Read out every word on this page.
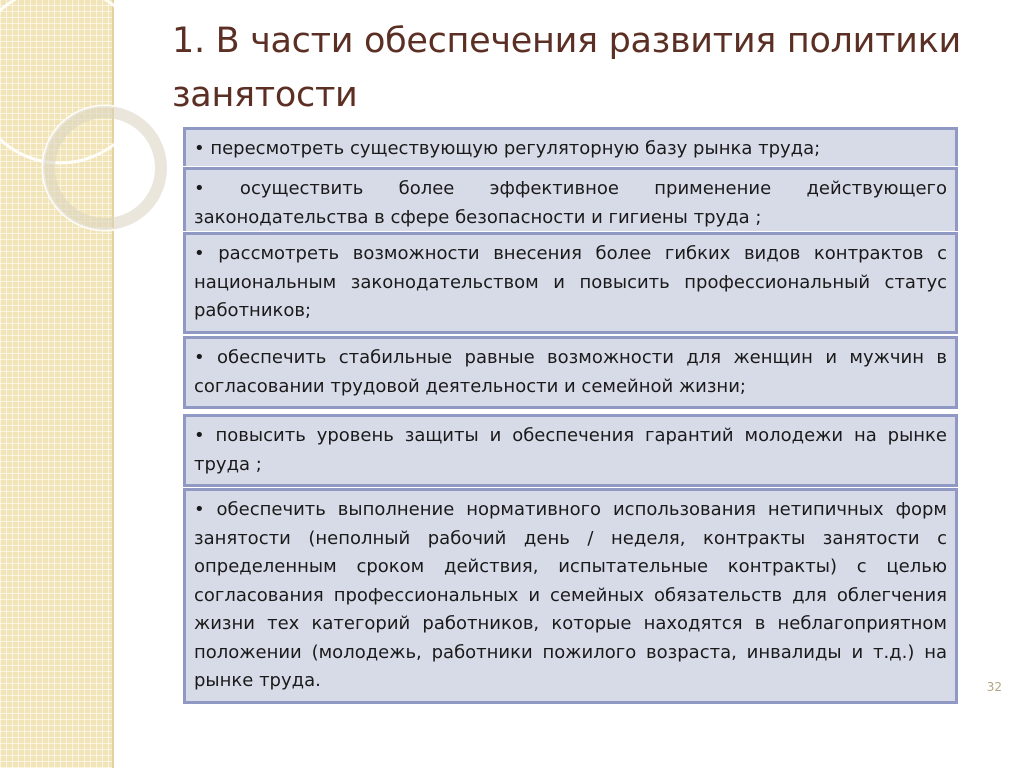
1. В части обеспечения развития политики занятости
• пересмотреть существующую регуляторную базу рынка труда;
• осуществить более эффективное применение действующего законодательства в сфере безопасности и гигиены труда ;
• рассмотреть возможности внесения более гибких видов контрактов с национальным законодательством и повысить профессиональный статус работников;
• обеспечить стабильные равные возможности для женщин и мужчин в согласовании трудовой деятельности и семейной жизни;
• повысить уровень защиты и обеспечения гарантий молодежи на рынке труда ;
• обеспечить выполнение нормативного использования нетипичных форм занятости (неполный рабочий день / неделя, контракты занятости с определенным сроком действия, испытательные контракты) с целью согласования профессиональных и семейных обязательств для облегчения жизни тех категорий работников, которые находятся в неблагоприятном положении (молодежь, работники пожилого возраста, инвалиды и т.д.) на рынке труда.	32
